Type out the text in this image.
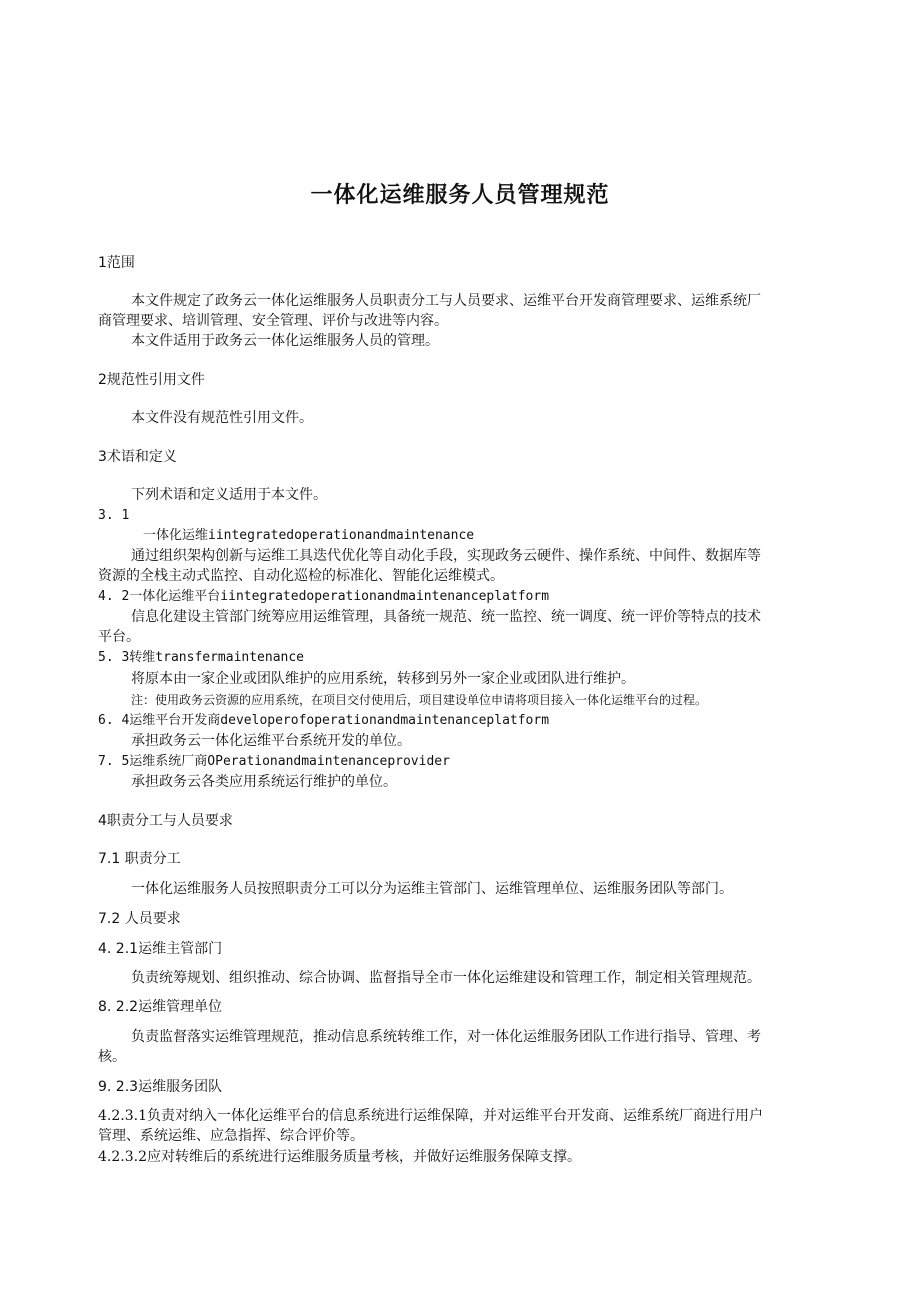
一体化运维服务人员管理规范
1范围
本文件规定了政务云一体化运维服务人员职责分工与人员要求、运维平台开发商管理要求、运维系统厂
商管理要求、培训管理、安全管理、评价与改进等内容。
本文件适用于政务云一体化运维服务人员的管理。
2规范性引用文件
本文件没有规范性引用文件。
3术语和定义
下列术语和定义适用于本文件。
3. 1
一体化运维iintegratedoperationandmaintenance
通过组织架构创新与运维工具迭代优化等自动化手段，实现政务云硬件、操作系统、中间件、数据库等
资源的全栈主动式监控、自动化巡检的标准化、智能化运维模式。
4. 2一体化运维平台iintegratedoperationandmaintenanceplatform
信息化建设主管部门统筹应用运维管理，具备统一规范、统一监控、统一调度、统一评价等特点的技术
平台。
5. 3转维transfermaintenance
将原本由一家企业或团队维护的应用系统，转移到另外一家企业或团队进行维护。
注：使用政务云资源的应用系统，在项目交付使用后，项目建设单位申请将项目接入一体化运维平台的过程。
6. 4运维平台开发商developerofoperationandmaintenanceplatform
承担政务云一体化运维平台系统开发的单位。
7. 5运维系统厂商OPerationandmaintenanceprovider
承担政务云各类应用系统运行维护的单位。
4职责分工与人员要求
7.1 职责分工
一体化运维服务人员按照职责分工可以分为运维主管部门、运维管理单位、运维服务团队等部门。
7.2 人员要求
4. 2.1运维主管部门
负责统筹规划、组织推动、综合协调、监督指导全市一体化运维建设和管理工作，制定相关管理规范。
8. 2.2运维管理单位
负责监督落实运维管理规范，推动信息系统转维工作，对一体化运维服务团队工作进行指导、管理、考
核。
9. 2.3运维服务团队
4.2.3.1负责对纳入一体化运维平台的信息系统进行运维保障，并对运维平台开发商、运维系统厂商进行用户
管理、系统运维、应急指挥、综合评价等。
4.2.3.2应对转维后的系统进行运维服务质量考核，并做好运维服务保障支撑。
